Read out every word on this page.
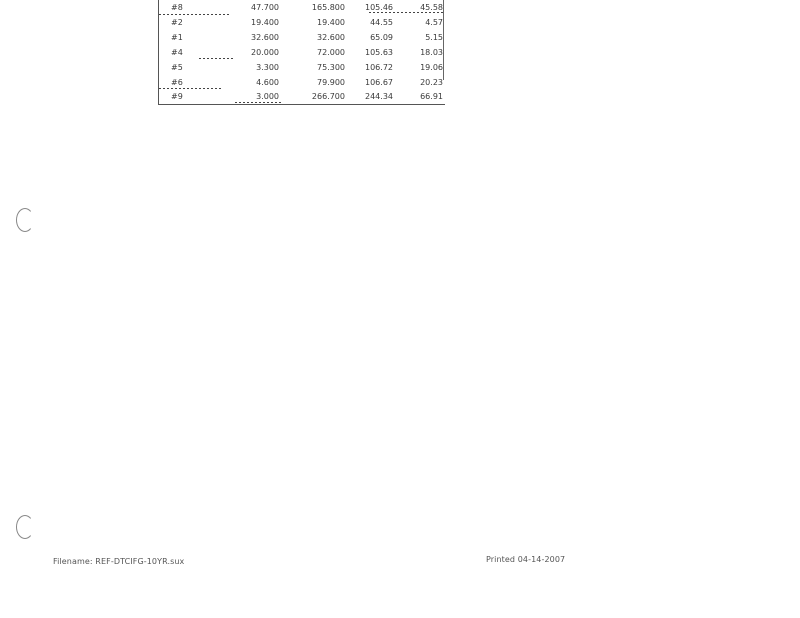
#8	47.700	165.800	105.46	45.58
#2	19.400	19.400	44.55	4.57
#1	32.600	32.600	65.09	5.15
#4	20.000	72.000	105.63	18.03
#5	3.300	75.300	106.72	19.06
#6	4.600	79.900	106.67	20.23
#9	3.000	266.700	244.34	66.91
Filename: REF-DTCIFG-10YR.sux	Printed 04-14-2007
